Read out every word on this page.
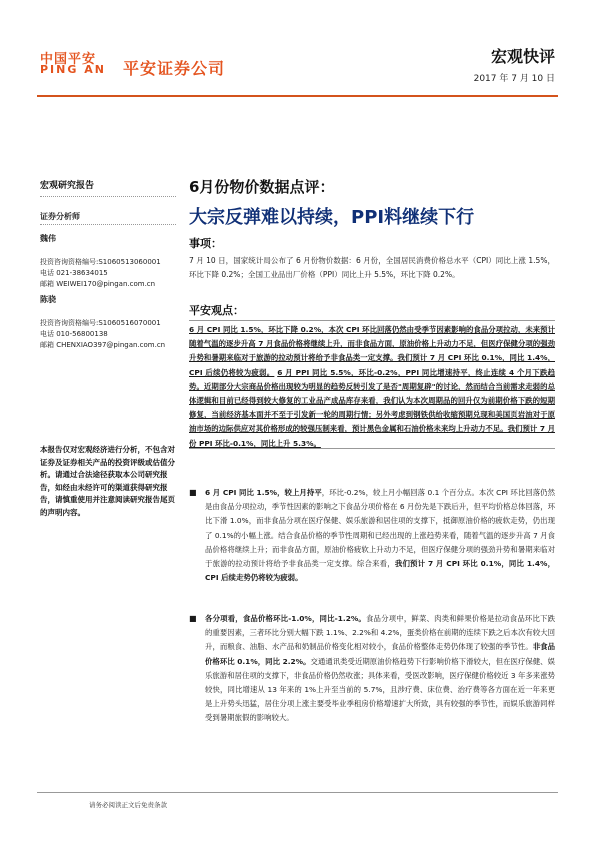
中国平安
PING AN 平安证券公司
宏观快评
2017 年 7 月 10 日
宏观研究报告
证券分析师
魏伟
投资咨询资格编号:S1060513060001
电话 021-38634015
邮箱 WEIWEI170@pingan.com.cn
陈骁
投资咨询资格编号:S1060516070001
电话 010-56800138
邮箱 CHENXIAO397@pingan.com.cn
本报告仅对宏观经济进行分析，不包含对证券及证券相关产品的投资评级或估值分析。请通过合法途径获取本公司研究报告，如经由未经许可的渠道获得研究报告，请慎重使用并注意阅读研究报告尾页的声明内容。
6月份物价数据点评：
大宗反弹难以持续，PPI料继续下行
事项：
7 月 10 日，国家统计局公布了 6 月份物价数据：6 月份，全国居民消费价格总水平（CPI）同比上涨 1.5%，环比下降 0.2%；全国工业品出厂价格（PPI）同比上升 5.5%，环比下降 0.2%。
平安观点：
6 月 CPI 同比 1.5%，环比下降 0.2%，本次 CPI 环比回落仍然由受季节因素影响的食品分项拉动，未来预计随着气温的逐步升高 7 月食品价格将继续上升，而非食品方面，原油价格上升动力不足，但医疗保健分项的强劲升势和暑期来临对于旅游的拉动预计将给予非食品类一定支撑。我们预计 7 月 CPI 环比 0.1%，同比 1.4%，CPI 后续仍将较为疲弱。 6 月 PPI 同比 5.5%，环比-0.2%，PPI 同比增速持平，终止连续 4 个月下跌趋势。近期部分大宗商品价格出现较为明显的趋势反转引发了是否"周期复辟"的讨论，然而结合当前需求走弱的总体逻辑和目前已经得到较大修复的工业品产成品库存来看，我们认为本次周期品的回升仅为前期价格下跌的短期修复，当前经济基本面并不至于引发新一轮的周期行情；另外考虑到钢铁供给收缩预期兑现和美国页岩油对于原油市场的边际供应对其价格形成的较强压制来看，预计黑色金属和石油价格未来均上升动力不足。我们预计 7 月份 PPI 环比-0.1%，同比上升 5.3%。
■ 6 月 CPI 同比 1.5%，较上月持平，环比-0.2%，较上月小幅回落 0.1 个百分点。本次 CPI 环比回落仍然是由食品分项拉动，季节性因素的影响之下食品分项价格在 6 月份先是下跌后升，但平均价格总体回落，环比下滑 1.0%，而非食品分项在医疗保健、娱乐旅游和居住项的支撑下，抵御原油价格的疲软走势，仍出现了 0.1%的小幅上涨。结合食品价格的季节性周期和已经出现的上涨趋势来看，随着气温的逐步升高 7 月食品价格将继续上升；而非食品方面，原油价格疲软上升动力不足，但医疗保健分项的强劲升势和暑期来临对于旅游的拉动预计将给予非食品类一定支撑。综合来看，我们预计 7 月 CPI 环比 0.1%，同比 1.4%，CPI 后续走势仍将较为疲弱。
■ 各分项看，食品价格环比-1.0%，同比-1.2%。食品分项中，鲜菜、肉类和鲜果价格是拉动食品环比下跌的重要因素，三者环比分别大幅下跌 1.1%、2.2%和 4.2%，蛋类价格在前期的连续下跌之后本次有较大回升，而粮食、油脂、水产品和奶制品价格变化相对较小，食品价格整体走势仍体现了较强的季节性。非食品价格环比 0.1%，同比 2.2%。交通通讯类受近期原油价格趋势下行影响价格下滑较大，但在医疗保健、娱乐旅游和居住项的支撑下，非食品价格仍然收涨；具体来看，受医改影响，医疗保健价格较近 3 年多来涨势较快，同比增速从 13 年来的 1%上升至当前的 5.7%，且涉疗费、床位费、治疗费等各方面在近一年来更是上升势头迅猛，居住分项上涨主要受毕业季租房价格增速扩大所致，具有较强的季节性，而娱乐旅游同样受到暑期旅假的影响较大。
请务必阅读正文后免责条款
